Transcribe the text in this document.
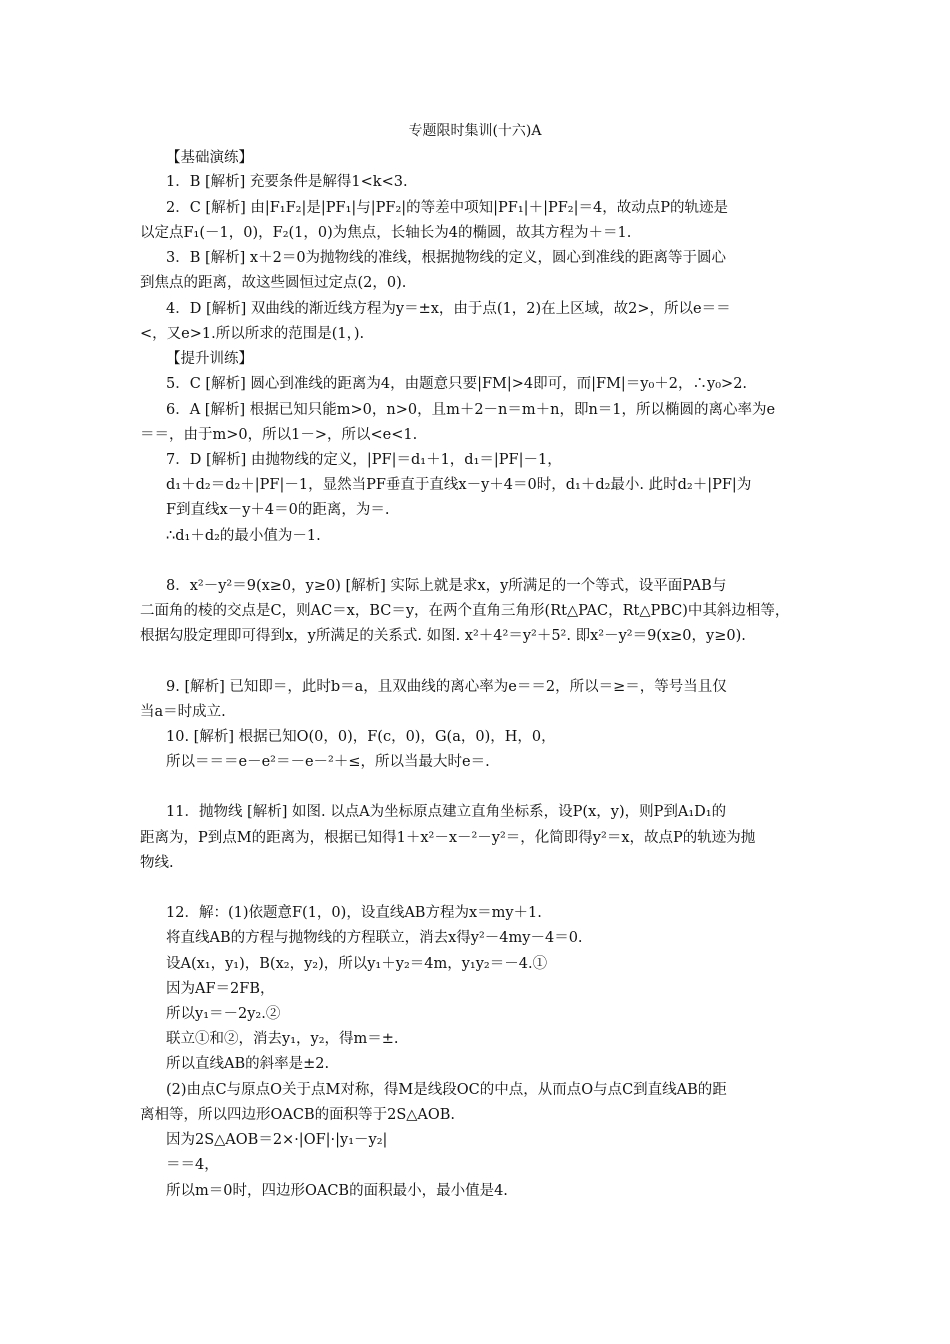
专题限时集训(十六)A
【基础演练】
1．B [解析] 充要条件是解得1<k<3.
2．C [解析] 由|F₁F₂|是|PF₁|与|PF₂|的等差中项知|PF₁|＋|PF₂|＝4，故动点P的轨迹是
以定点F₁(－1，0)，F₂(1，0)为焦点，长轴长为4的椭圆，故其方程为＋＝1.
3．B [解析] x＋2＝0为抛物线的准线，根据抛物线的定义，圆心到准线的距离等于圆心
到焦点的距离，故这些圆恒过定点(2，0).
4．D [解析] 双曲线的渐近线方程为y＝±x，由于点(1，2)在上区域，故2>，所以e＝＝
<，又e>1.所以所求的范围是(1，).
【提升训练】
5．C [解析] 圆心到准线的距离为4，由题意只要|FM|>4即可，而|FM|＝y₀＋2，∴y₀>2.
6．A [解析] 根据已知只能m>0，n>0，且m＋2－n＝m＋n，即n＝1，所以椭圆的离心率为e
＝＝，由于m>0，所以1－>，所以<e<1.
7．D [解析] 由抛物线的定义，|PF|＝d₁＋1，d₁＝|PF|－1，
d₁＋d₂＝d₂＋|PF|－1，显然当PF垂直于直线x－y＋4＝0时，d₁＋d₂最小. 此时d₂＋|PF|为
F到直线x－y＋4＝0的距离，为＝.
∴d₁＋d₂的最小值为－1.
8．x²－y²＝9(x≥0，y≥0) [解析] 实际上就是求x，y所满足的一个等式，设平面PAB与
二面角的棱的交点是C，则AC＝x，BC＝y，在两个直角三角形(Rt△PAC，Rt△PBC)中其斜边相等，
根据勾股定理即可得到x，y所满足的关系式. 如图. x²＋4²＝y²＋5². 即x²－y²＝9(x≥0，y≥0).
9. [解析] 已知即＝，此时b＝a，且双曲线的离心率为e＝＝2，所以＝≥＝，等号当且仅
当a＝时成立.
10. [解析] 根据已知O(0，0)，F(c，0)，G(a，0)，H，0，
所以＝＝＝e－e²＝－e－²＋≤，所以当最大时e＝.
11．抛物线 [解析] 如图. 以点A为坐标原点建立直角坐标系，设P(x，y)，则P到A₁D₁的
距离为，P到点M的距离为，根据已知得1＋x²－x－²－y²＝，化简即得y²＝x，故点P的轨迹为抛
物线.
12．解：(1)依题意F(1，0)，设直线AB方程为x＝my＋1.
将直线AB的方程与抛物线的方程联立，消去x得y²－4my－4＝0.
设A(x₁，y₁)，B(x₂，y₂)，所以y₁＋y₂＝4m，y₁y₂＝－4.①
因为AF＝2FB，
所以y₁＝－2y₂.②
联立①和②，消去y₁，y₂，得m＝±.
所以直线AB的斜率是±2.
(2)由点C与原点O关于点M对称，得M是线段OC的中点，从而点O与点C到直线AB的距
离相等，所以四边形OACB的面积等于2S△AOB.
因为2S△AOB＝2×·|OF|·|y₁－y₂|
＝＝4，
所以m＝0时，四边形OACB的面积最小，最小值是4.
